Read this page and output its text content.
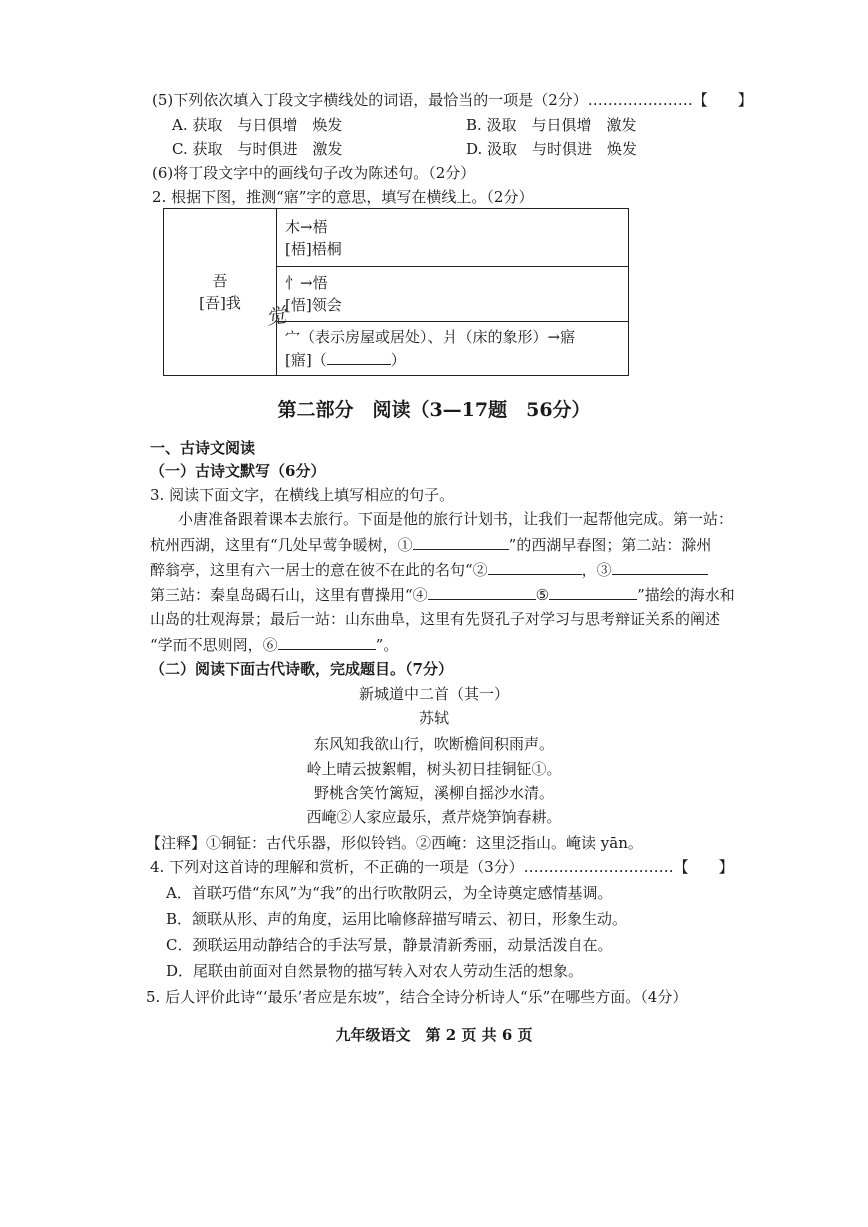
(5)下列依次填入丁段文字横线处的词语，最恰当的一项是（2分）…………………【　　】
A. 获取　与日俱增　焕发	B. 汲取　与日俱增　激发
C. 获取　与时俱进　激发	D. 汲取　与时俱进　焕发
(6)将丁段文字中的画线句子改为陈述句。（2分）
2. 根据下图，推测“寤”字的意思，填写在横线上。（2分）
吾
[吾]我

木→梧
[梧]梧桐

忄→悟
[悟]领会

宀（表示房屋或居处）、爿（床的象形）→寤
[寤]（	）
觉
第二部分　阅读（3—17题　56分）
一、古诗文阅读
（一）古诗文默写（6分）
3. 阅读下面文字，在横线上填写相应的句子。
小唐准备跟着课本去旅行。下面是他的旅行计划书，让我们一起帮他完成。第一站：
杭州西湖，这里有“几处早莺争暖树，①	”的西湖早春图；第二站：滁州
醉翁亭，这里有六一居士的意在彼不在此的名句“②	，③
第三站：秦皇岛碣石山，这里有曹操用“④	⑤	”描绘的海水和
山岛的壮观海景；最后一站：山东曲阜，这里有先贤孔子对学习与思考辩证关系的阐述
“学而不思则罔，⑥	”。
（二）阅读下面古代诗歌，完成题目。（7分）
新城道中二首（其一）
苏轼
东风知我欲山行，吹断檐间积雨声。
岭上晴云披絮帽，树头初日挂铜钲①。
野桃含笑竹篱短，溪柳自摇沙水清。
西崦②人家应最乐，煮芹烧笋饷春耕。
【注释】①铜钲：古代乐器，形似铃铛。②西崦：这里泛指山。崦读 yān。
4. 下列对这首诗的理解和赏析，不正确的一项是（3分）…………………………【　　】
A．首联巧借“东风”为“我”的出行吹散阴云，为全诗奠定感情基调。
B．颔联从形、声的角度，运用比喻修辞描写晴云、初日，形象生动。
C．颈联运用动静结合的手法写景，静景清新秀丽，动景活泼自在。
D．尾联由前面对自然景物的描写转入对农人劳动生活的想象。
5. 后人评价此诗“‘最乐’者应是东坡”，结合全诗分析诗人“乐”在哪些方面。（4分）
九年级语文　第 2 页 共 6 页
